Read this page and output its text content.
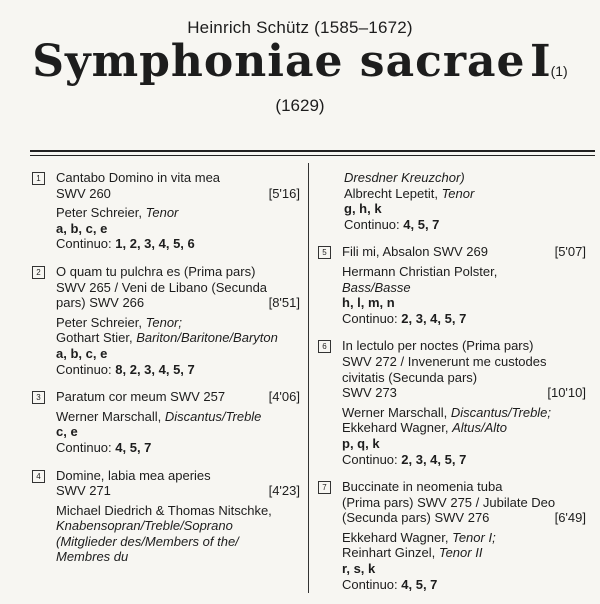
Heinrich Schütz (1585–1672)
Symphoniae sacrae I(1)
(1629)
1	Cantabo Domino in vita mea
SWV 260	[5'16]
Peter Schreier, Tenor
a, b, c, e
Continuo: 1, 2, 3, 4, 5, 6
2	O quam tu pulchra es (Prima pars)
SWV 265 / Veni de Libano (Secunda
pars) SWV 266	[8'51]
Peter Schreier, Tenor;
Gothart Stier, Bariton/Baritone/Baryton
a, b, c, e
Continuo: 8, 2, 3, 4, 5, 7
3	Paratum cor meum SWV 257	[4'06]
Werner Marschall, Discantus/Treble
c, e
Continuo: 4, 5, 7
4	Domine, labia mea aperies
SWV 271	[4'23]
Michael Diedrich & Thomas Nitschke,
Knabensopran/Treble/Soprano
(Mitglieder des/Members of the/
Membres du
Dresdner Kreuzchor)
Albrecht Lepetit, Tenor
g, h, k
Continuo: 4, 5, 7
5	Fili mi, Absalon SWV 269	[5'07]
Hermann Christian Polster,
Bass/Basse
h, l, m, n
Continuo: 2, 3, 4, 5, 7
6	In lectulo per noctes (Prima pars)
SWV 272 / Invenerunt me custodes
civitatis (Secunda pars)
SWV 273	[10'10]
Werner Marschall, Discantus/Treble;
Ekkehard Wagner, Altus/Alto
p, q, k
Continuo: 2, 3, 4, 5, 7
7	Buccinate in neomenia tuba
(Prima pars) SWV 275 / Jubilate Deo
(Secunda pars) SWV 276	[6'49]
Ekkehard Wagner, Tenor I;
Reinhart Ginzel, Tenor II
r, s, k
Continuo: 4, 5, 7
